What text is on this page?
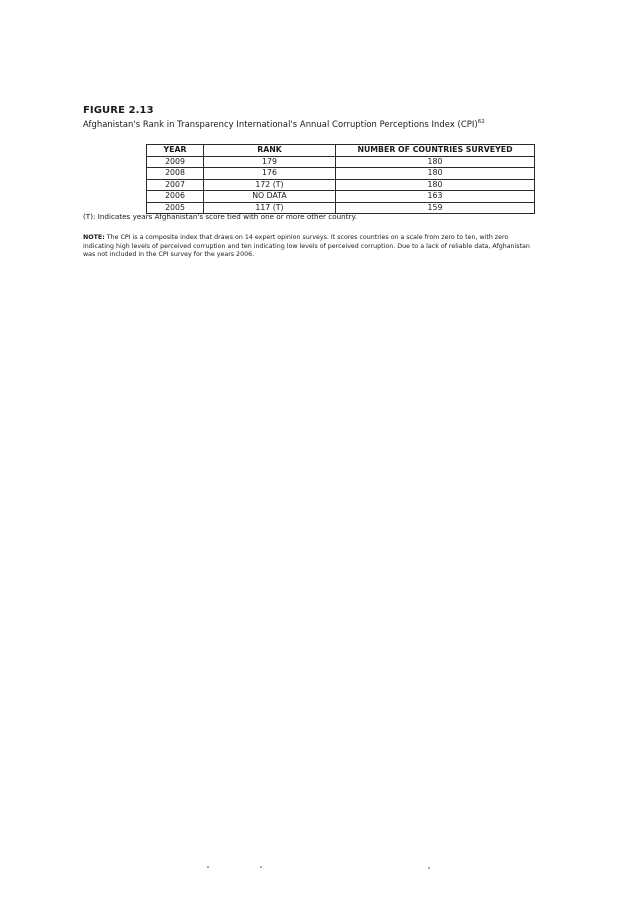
FIGURE 2.13
Afghanistan's Rank in Transparency International's Annual Corruption Perceptions Index (CPI)$^{62}$
YEAR	RANK	NUMBER OF COUNTRIES SURVEYED
2009	179	180
2008	176	180
2007	172 (T)	180
2006	NO DATA	163
2005	117 (T)	159
(T): Indicates years Afghanistan's score tied with one or more other country.
NOTE: The CPI is a composite index that draws on 14 expert opinion surveys. It scores countries on a scale from zero to ten, with zero
indicating high levels of perceived corruption and ten indicating low levels of perceived corruption. Due to a lack of reliable data, Afghanistan
was not included in the CPI survey for the years 2006.
